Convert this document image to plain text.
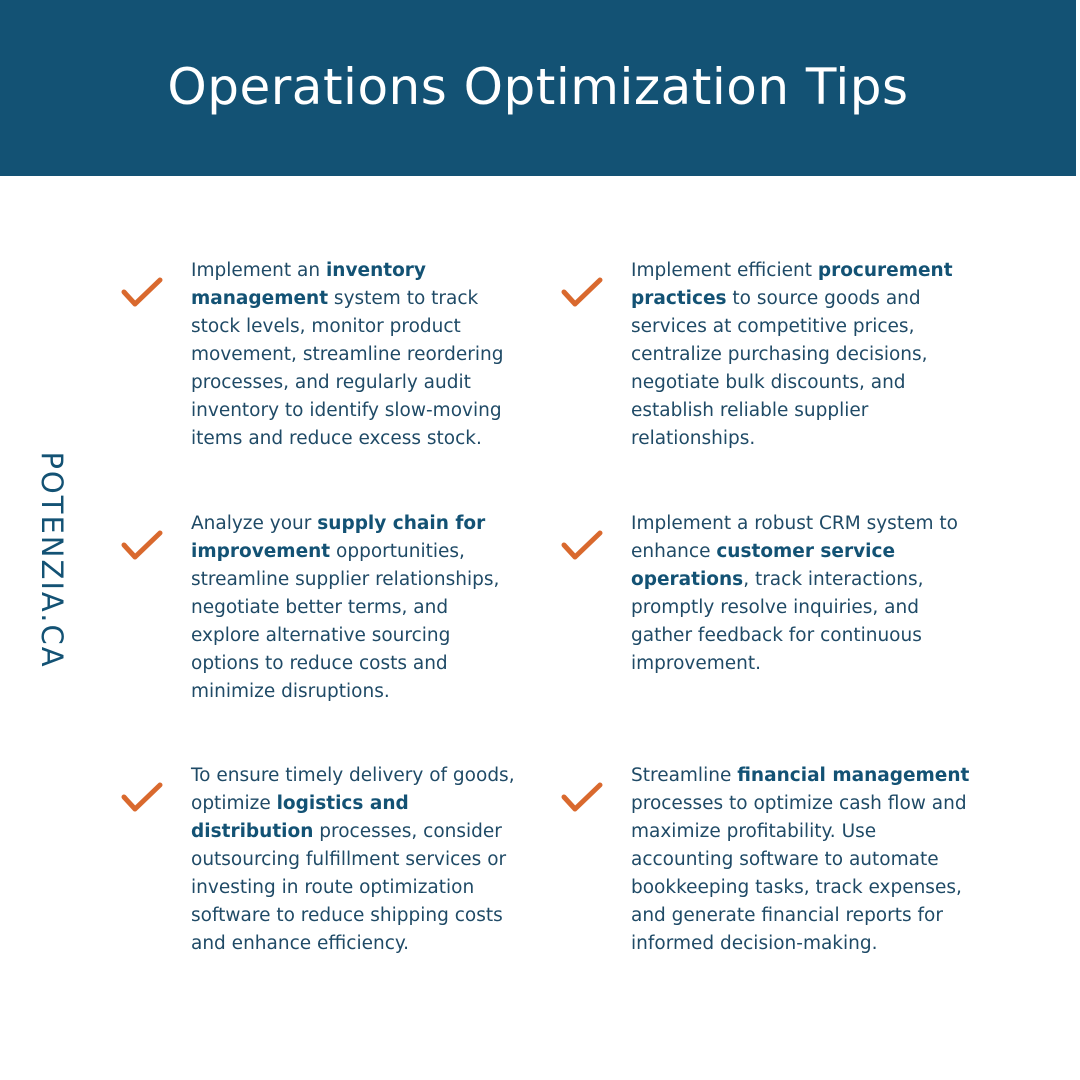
Operations Optimization Tips
POTENZIA.CA
Implement an inventory management system to track stock levels, monitor product movement, streamline reordering processes, and regularly audit inventory to identify slow-moving items and reduce excess stock.
Implement efficient procurement practices to source goods and services at competitive prices, centralize purchasing decisions, negotiate bulk discounts, and establish reliable supplier relationships.
Analyze your supply chain for improvement opportunities, streamline supplier relationships, negotiate better terms, and explore alternative sourcing options to reduce costs and minimize disruptions.
Implement a robust CRM system to enhance customer service operations, track interactions, promptly resolve inquiries, and gather feedback for continuous improvement.
To ensure timely delivery of goods, optimize logistics and distribution processes, consider outsourcing fulfillment services or investing in route optimization software to reduce shipping costs and enhance efficiency.
Streamline financial management processes to optimize cash flow and maximize profitability. Use accounting software to automate bookkeeping tasks, track expenses, and generate financial reports for informed decision-making.
